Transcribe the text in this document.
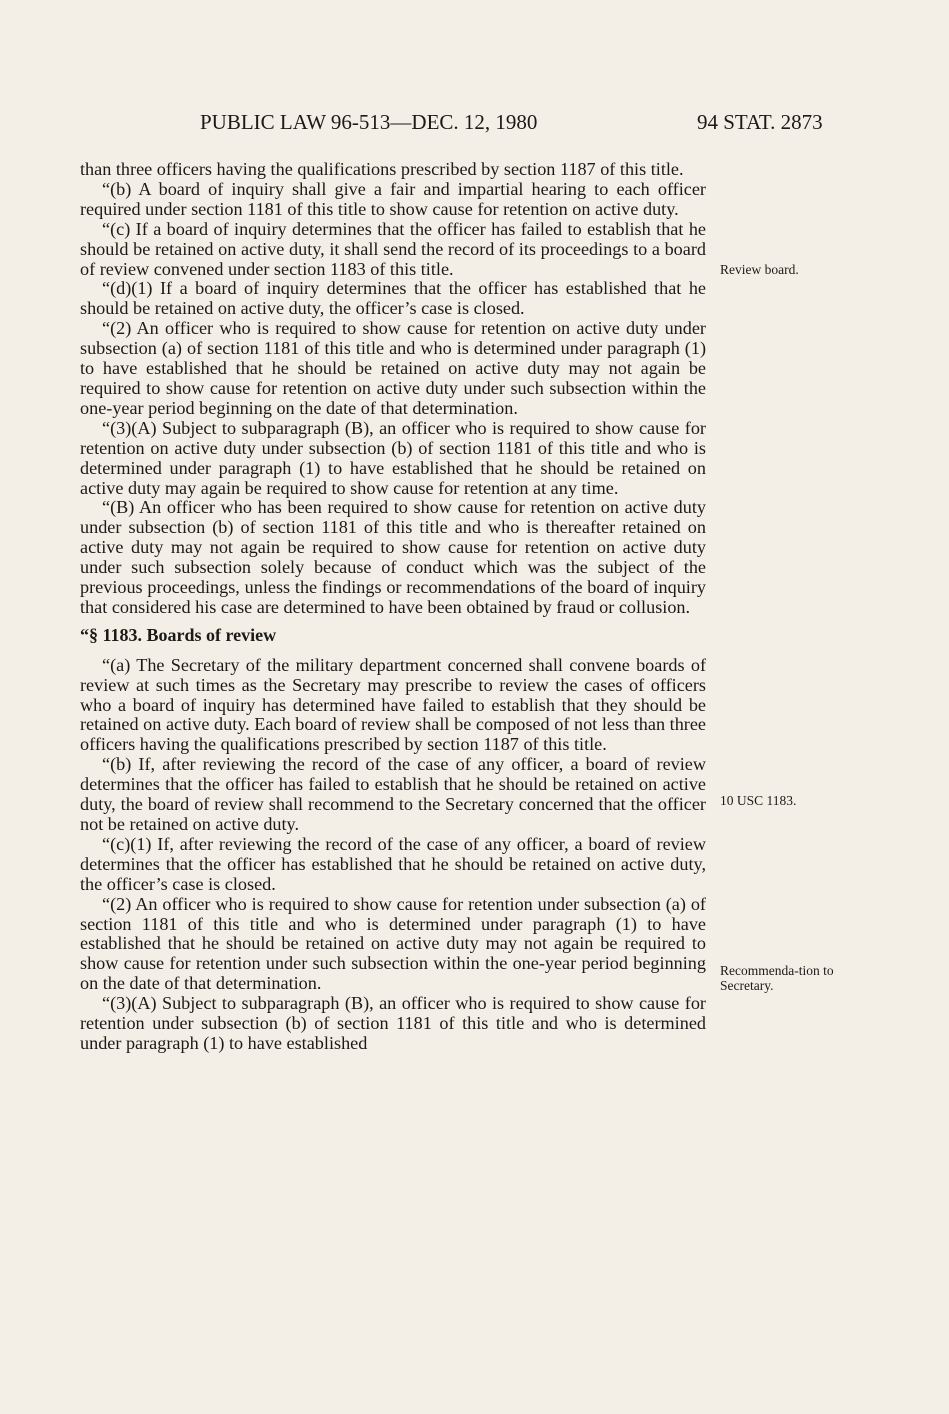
PUBLIC LAW 96-513—DEC. 12, 1980	94 STAT. 2873

than three officers having the qualifications prescribed by section 1187 of this title.

“(b) A board of inquiry shall give a fair and impartial hearing to each officer required under section 1181 of this title to show cause for retention on active duty.

“(c) If a board of inquiry determines that the officer has failed to establish that he should be retained on active duty, it shall send the record of its proceedings to a board of review convened under section 1183 of this title.

“(d)(1) If a board of inquiry determines that the officer has established that he should be retained on active duty, the officer’s case is closed.

“(2) An officer who is required to show cause for retention on active duty under subsection (a) of section 1181 of this title and who is determined under paragraph (1) to have established that he should be retained on active duty may not again be required to show cause for retention on active duty under such subsection within the one-year period beginning on the date of that determination.

“(3)(A) Subject to subparagraph (B), an officer who is required to show cause for retention on active duty under subsection (b) of section 1181 of this title and who is determined under paragraph (1) to have established that he should be retained on active duty may again be required to show cause for retention at any time.

“(B) An officer who has been required to show cause for retention on active duty under subsection (b) of section 1181 of this title and who is thereafter retained on active duty may not again be required to show cause for retention on active duty under such subsection solely because of conduct which was the subject of the previous proceedings, unless the findings or recommendations of the board of inquiry that considered his case are determined to have been obtained by fraud or collusion.

“§ 1183. Boards of review

“(a) The Secretary of the military department concerned shall convene boards of review at such times as the Secretary may prescribe to review the cases of officers who a board of inquiry has determined have failed to establish that they should be retained on active duty. Each board of review shall be composed of not less than three officers having the qualifications prescribed by section 1187 of this title.

“(b) If, after reviewing the record of the case of any officer, a board of review determines that the officer has failed to establish that he should be retained on active duty, the board of review shall recommend to the Secretary concerned that the officer not be retained on active duty.

“(c)(1) If, after reviewing the record of the case of any officer, a board of review determines that the officer has established that he should be retained on active duty, the officer’s case is closed.

“(2) An officer who is required to show cause for retention under subsection (a) of section 1181 of this title and who is determined under paragraph (1) to have established that he should be retained on active duty may not again be required to show cause for retention under such subsection within the one-year period beginning on the date of that determination.

“(3)(A) Subject to subparagraph (B), an officer who is required to show cause for retention under subsection (b) of section 1181 of this title and who is determined under paragraph (1) to have established

Review board.
10 USC 1183.
Recommenda-tion to Secretary.
